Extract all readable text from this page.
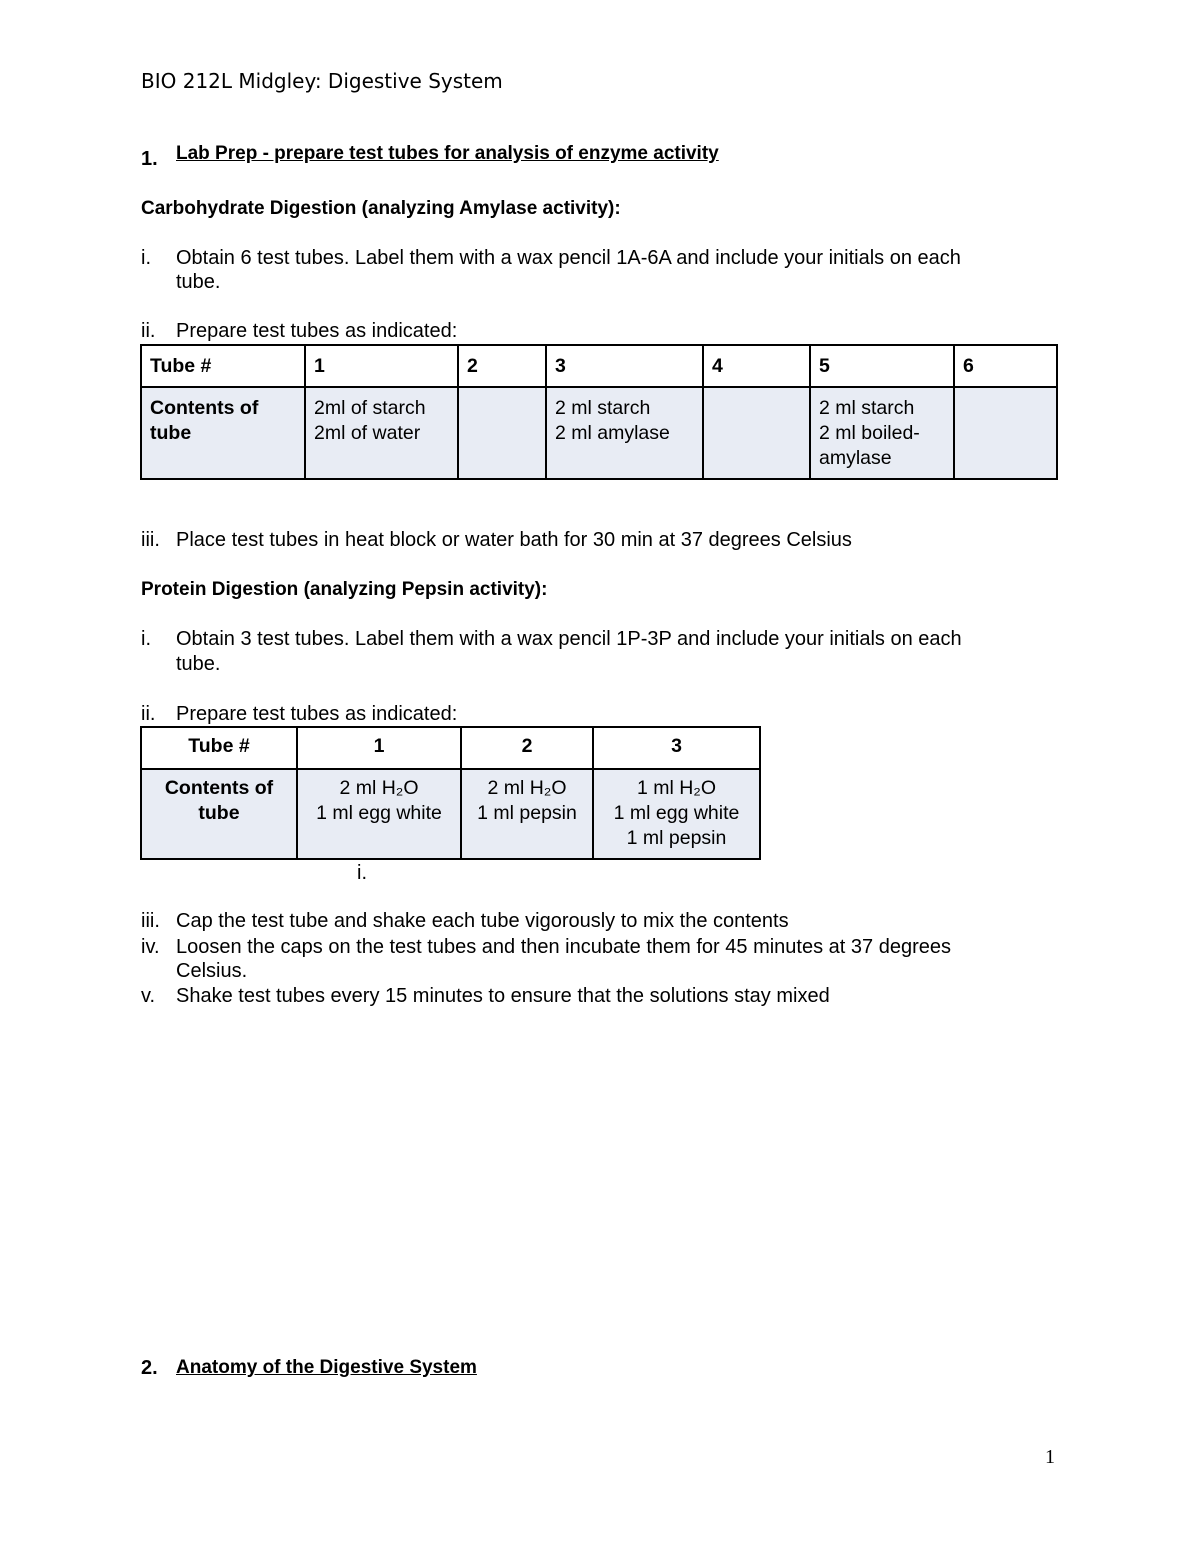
BIO 212L Midgley: Digestive System
1. Lab Prep - prepare test tubes for analysis of enzyme activity
Carbohydrate Digestion (analyzing Amylase activity):
i. Obtain 6 test tubes. Label them with a wax pencil 1A-6A and include your initials on each
tube.
ii. Prepare test tubes as indicated:
Tube #	1	2	3	4	5	6

Contents of
tube	2ml of starch
2ml of water		2 ml starch
2 ml amylase		2 ml starch
2 ml boiled-
amylase	

iii. Place test tubes in heat block or water bath for 30 min at 37 degrees Celsius
Protein Digestion (analyzing Pepsin activity):
i. Obtain 3 test tubes. Label them with a wax pencil 1P-3P and include your initials on each
tube.
ii. Prepare test tubes as indicated:
Tube #	1	2	3

Contents of
tube	2 ml H₂O
1 ml egg white	2 ml H₂O
1 ml pepsin	1 ml H₂O
1 ml egg white
1 ml pepsin
i.
iii. Cap the test tube and shake each tube vigorously to mix the contents
iv. Loosen the caps on the test tubes and then incubate them for 45 minutes at 37 degrees
Celsius.
v. Shake test tubes every 15 minutes to ensure that the solutions stay mixed
2. Anatomy of the Digestive System
1
